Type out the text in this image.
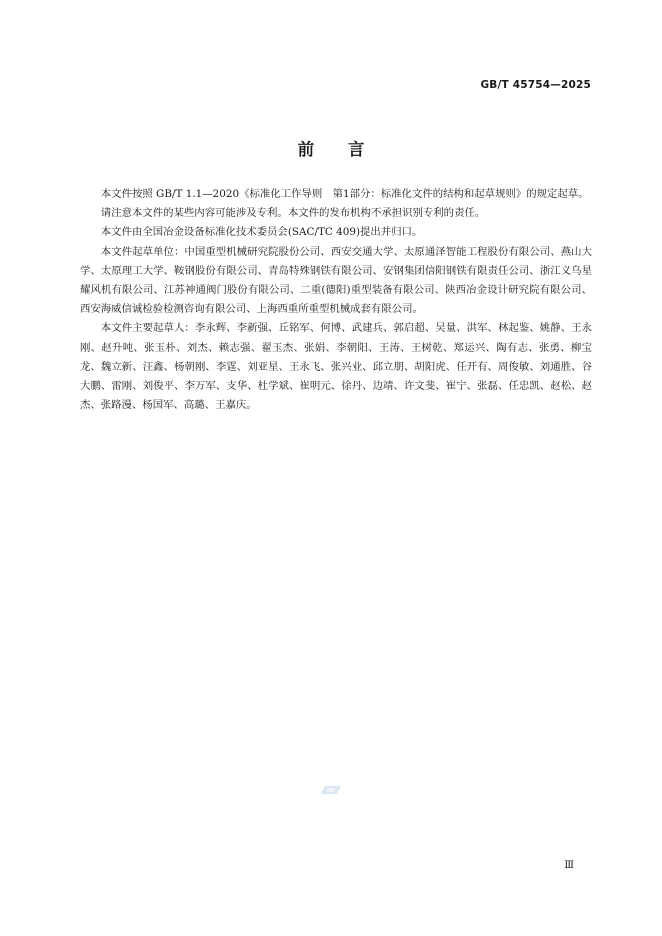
GB/T 45754—2025
前 言

本文件按照 GB/T 1.1—2020《标准化工作导则　第1部分：标准化文件的结构和起草规则》的规定起草。

请注意本文件的某些内容可能涉及专利。本文件的发布机构不承担识别专利的责任。

本文件由全国冶金设备标准化技术委员会(SAC/TC 409)提出并归口。

本文件起草单位：中国重型机械研究院股份公司、西安交通大学、太原通泽智能工程股份有限公司、燕山大学、太原理工大学、鞍钢股份有限公司、青岛特殊钢铁有限公司、安钢集团信阳钢铁有限责任公司、浙江义乌星耀风机有限公司、江苏神通阀门股份有限公司、二重(德阳)重型装备有限公司、陕西冶金设计研究院有限公司、西安海威信诚检验检测咨询有限公司、上海西重所重型机械成套有限公司。

本文件主要起草人：李永辉、李新强、丘铭军、何博、武建兵、郭启超、吴量、洪军、林起鉴、姚静、王永刚、赵升吨、张玉朴、刘杰、赖志强、翟玉杰、张娟、李朝阳、王涛、王树乾、郑运兴、陶有志、张勇、柳宝龙、魏立新、汪鑫、杨朝刚、李霆、刘亚星、王永飞、张兴业、邱立朋、胡阳虎、任开有、周俊敏、刘通胜、谷大鹏、雷刚、刘俊平、李万军、支华、杜学斌、崔明元、徐丹、边靖、许文斐、崔宁、张磊、任忠凯、赵松、赵杰、张路漫、杨国军、高璐、王嘉庆。

Ⅲ
